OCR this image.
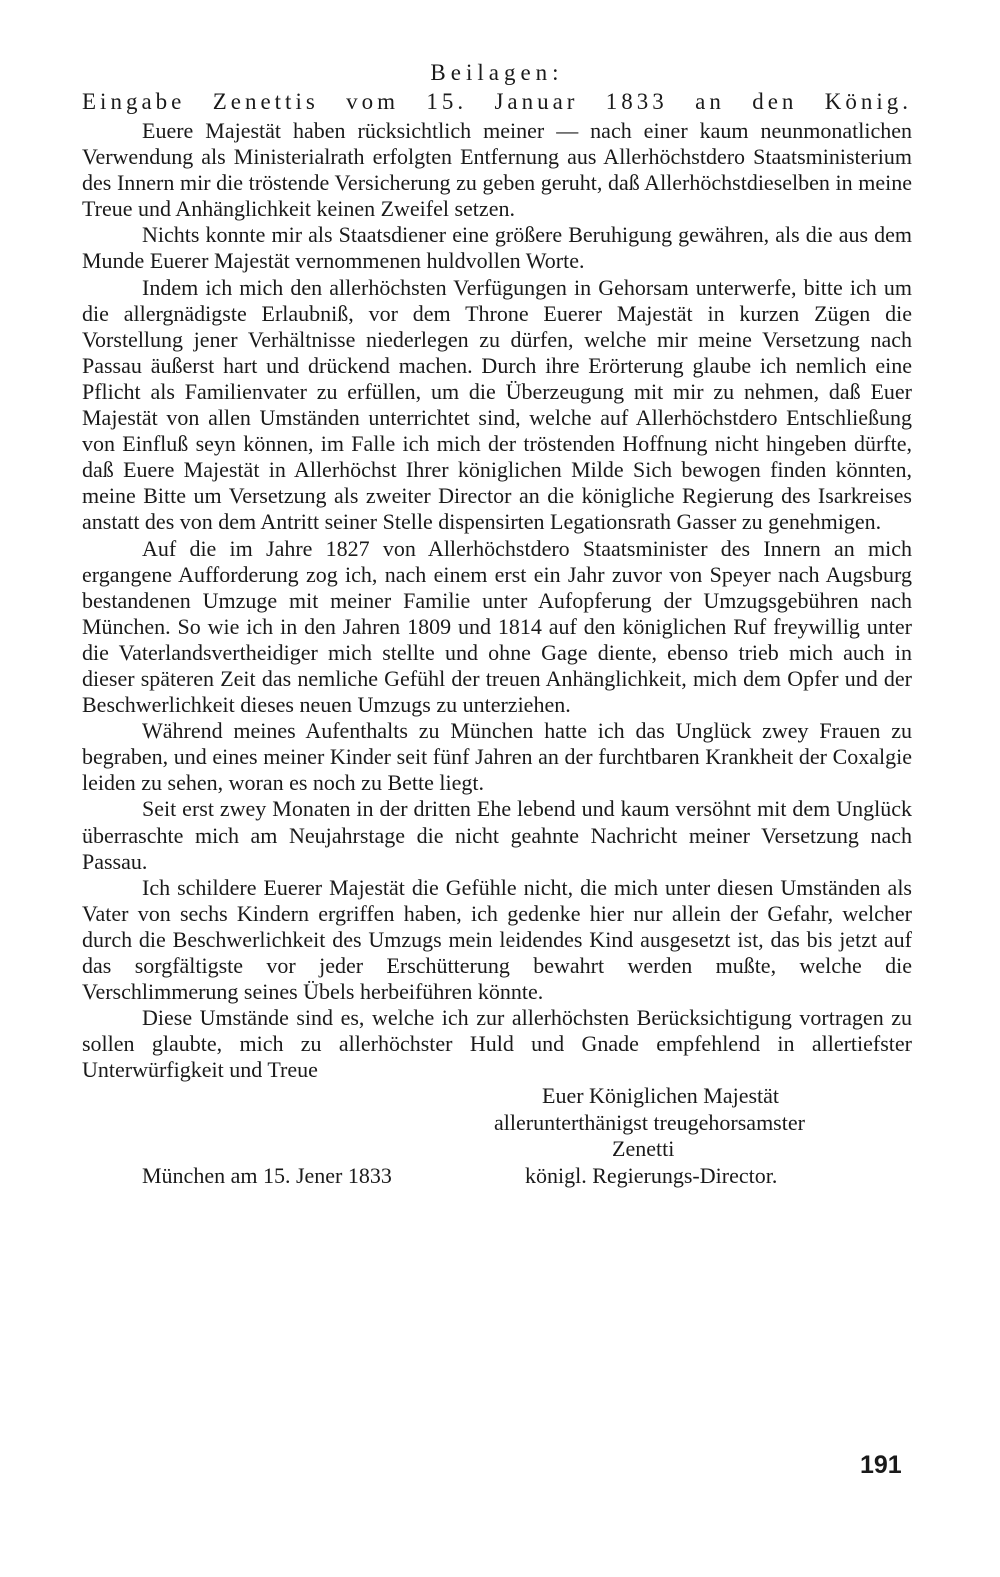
Beilagen:

Eingabe Zenettis vom 15. Januar 1833 an den König.

Euere Majestät haben rücksichtlich meiner — nach einer kaum neunmonatlichen Verwendung als Ministerialrath erfolgten Entfernung aus Allerhöchstdero Staatsministerium des Innern mir die tröstende Versicherung zu geben geruht, daß Allerhöchstdieselben in meine Treue und Anhänglichkeit keinen Zweifel setzen.

Nichts konnte mir als Staatsdiener eine größere Beruhigung gewähren, als die aus dem Munde Euerer Majestät vernommenen huldvollen Worte.

Indem ich mich den allerhöchsten Verfügungen in Gehorsam unterwerfe, bitte ich um die allergnädigste Erlaubniß, vor dem Throne Euerer Majestät in kurzen Zügen die Vorstellung jener Verhältnisse niederlegen zu dürfen, welche mir meine Versetzung nach Passau äußerst hart und drückend machen. Durch ihre Erörterung glaube ich nemlich eine Pflicht als Familienvater zu erfüllen, um die Überzeugung mit mir zu nehmen, daß Euer Majestät von allen Umständen unterrichtet sind, welche auf Allerhöchstdero Entschließung von Einfluß seyn können, im Falle ich mich der tröstenden Hoffnung nicht hingeben dürfte, daß Euere Majestät in Allerhöchst Ihrer königlichen Milde Sich bewogen finden könnten, meine Bitte um Versetzung als zweiter Director an die königliche Regierung des Isarkreises anstatt des von dem Antritt seiner Stelle dispensirten Legationsrath Gasser zu genehmigen.

Auf die im Jahre 1827 von Allerhöchstdero Staatsminister des Innern an mich ergangene Aufforderung zog ich, nach einem erst ein Jahr zuvor von Speyer nach Augsburg bestandenen Umzuge mit meiner Familie unter Aufopferung der Umzugsgebühren nach München. So wie ich in den Jahren 1809 und 1814 auf den königlichen Ruf freywillig unter die Vaterlandsvertheidiger mich stellte und ohne Gage diente, ebenso trieb mich auch in dieser späteren Zeit das nemliche Gefühl der treuen Anhänglichkeit, mich dem Opfer und der Beschwerlichkeit dieses neuen Umzugs zu unterziehen.

Während meines Aufenthalts zu München hatte ich das Unglück zwey Frauen zu begraben, und eines meiner Kinder seit fünf Jahren an der furchtbaren Krankheit der Coxalgie leiden zu sehen, woran es noch zu Bette liegt.

Seit erst zwey Monaten in der dritten Ehe lebend und kaum versöhnt mit dem Unglück überraschte mich am Neujahrstage die nicht geahnte Nachricht meiner Versetzung nach Passau.

Ich schildere Euerer Majestät die Gefühle nicht, die mich unter diesen Umständen als Vater von sechs Kindern ergriffen haben, ich gedenke hier nur allein der Gefahr, welcher durch die Beschwerlichkeit des Umzugs mein leidendes Kind ausgesetzt ist, das bis jetzt auf das sorgfältigste vor jeder Erschütterung bewahrt werden mußte, welche die Verschlimmerung seines Übels herbeiführen könnte.

Diese Umstände sind es, welche ich zur allerhöchsten Berücksichtigung vortragen zu sollen glaubte, mich zu allerhöchster Huld und Gnade empfehlend in allertiefster Unterwürfigkeit und Treue

Euer Königlichen Majestät
allerunterthänigst treugehorsamster
Zenetti
München am 15. Jener 1833	königl. Regierungs-Director.
191
